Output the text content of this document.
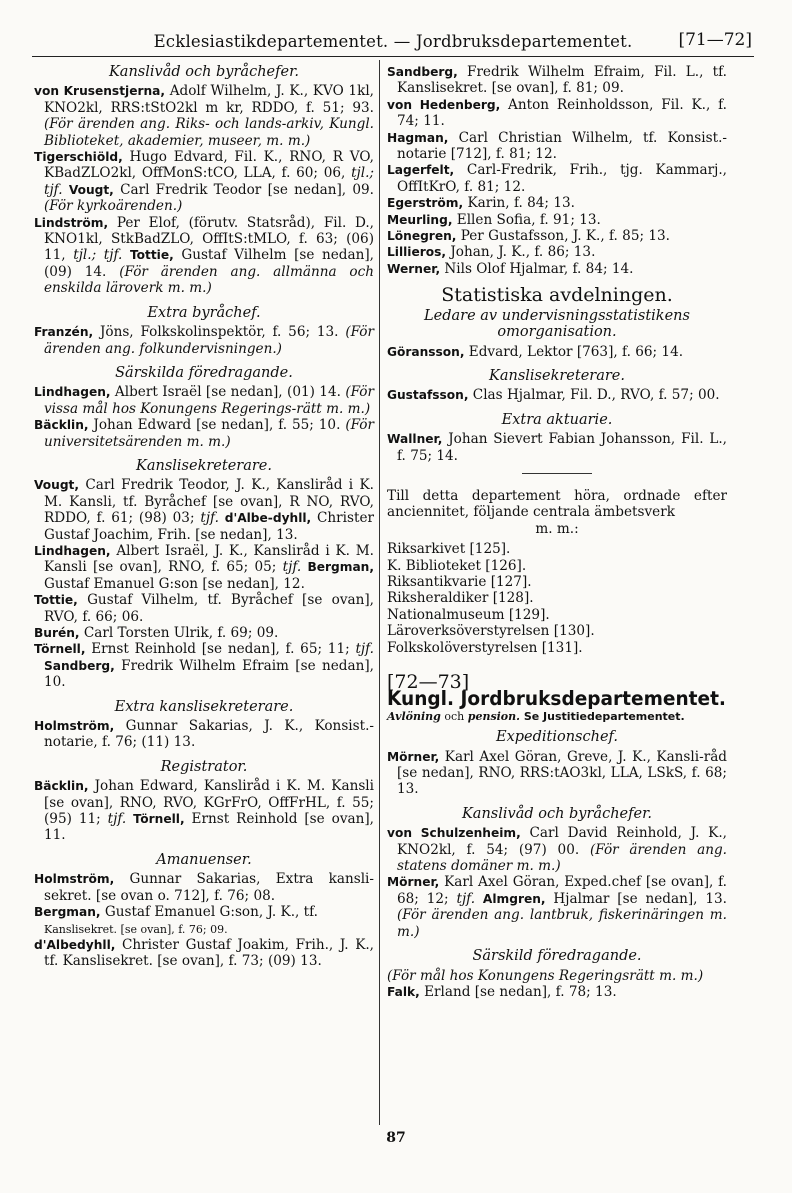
Ecklesiastikdepartementet. — Jordbruksdepartementet.	[71—72]
Kanslivåd och byråchefer.

von Krusenstjerna, Adolf Wilhelm, J. K., KVO 1kl, KNO2kl, RRS:tStO2kl m kr, RDDO, f. 51; 93. (För ärenden ang. Riks- och lands-arkiv, Kungl. Biblioteket, akademier, museer, m. m.)

Tigerschiöld, Hugo Edvard, Fil. K., RNO, R VO, KBadZLO2kl, OffMonS:tCO, LLA, f. 60; 06, tjl.; tjf. Vougt, Carl Fredrik Teodor [se nedan], 09. (För kyrkoärenden.)

Lindström, Per Elof, (förutv. Statsråd), Fil. D., KNO1kl, StkBadZLO, OffItS:tMLO, f. 63; (06) 11, tjl.; tjf. Tottie, Gustaf Vilhelm [se nedan], (09) 14. (För ärenden ang. allmänna och enskilda läroverk m. m.)

Extra byråchef.

Franzén, Jöns, Folkskolinspektör, f. 56; 13. (För ärenden ang. folkundervisningen.)

Särskilda föredragande.

Lindhagen, Albert Israël [se nedan], (01) 14. (För vissa mål hos Konungens Regerings-rätt m. m.)

Bäcklin, Johan Edward [se nedan], f. 55; 10. (För universitetsärenden m. m.)

Kanslisekreterare.

Vougt, Carl Fredrik Teodor, J. K., Kanslіråd i K. M. Kansli, tf. Byråchef [se ovan], R NO, RVO, RDDO, f. 61; (98) 03; tjf. d'Albe-dyhll, Christer Gustaf Joachim, Frih. [se nedan], 13.

Lindhagen, Albert Israël, J. K., Kanslіråd i K. M. Kansli [se ovan], RNO, f. 65; 05; tjf. Bergman, Gustaf Emanuel G:son [se nedan], 12.

Tottie, Gustaf Vilhelm, tf. Byråchef [se ovan], RVO, f. 66; 06.

Burén, Carl Torsten Ulrik, f. 69; 09.

Törnell, Ernst Reinhold [se nedan], f. 65; 11; tjf. Sandberg, Fredrik Wilhelm Efraim [se nedan], 10.

Extra kanslisekreterare.

Holmström, Gunnar Sakarias, J. K., Konsist.-notarie, f. 76; (11) 13.

Registrator.

Bäcklin, Johan Edward, Kanslіråd i K. M. Kansli [se ovan], RNO, RVO, KGrFrO, OffFrHL, f. 55; (95) 11; tjf. Törnell, Ernst Reinhold [se ovan], 11.

Amanuenser.

Holmström, Gunnar Sakarias, Extra kansli-sekret. [se ovan o. 712], f. 76; 08.

Bergman, Gustaf Emanuel G:son, J. K., tf.
Kanslisekret. [se ovan], f. 76; 09.

d'Albedyhll, Christer Gustaf Joakim, Frih., J. K., tf. Kanslisekret. [se ovan], f. 73; (09) 13.

Sandberg, Fredrik Wilhelm Efraim, Fil. L., tf. Kanslisekret. [se ovan], f. 81; 09.

von Hedenberg, Anton Reinholdsson, Fil. K., f. 74; 11.

Hagman, Carl Christian Wilhelm, tf. Konsist.-notarie [712], f. 81; 12.

Lagerfelt, Carl-Fredrik, Frih., tjg. Kammarj., OffItKrO, f. 81; 12.

Egerström, Karin, f. 84; 13.

Meurling, Ellen Sofia, f. 91; 13.

Lönegren, Per Gustafsson, J. K., f. 85; 13.

Lillieros, Johan, J. K., f. 86; 13.

Werner, Nils Olof Hjalmar, f. 84; 14.

Statistiska avdelningen.
Ledare av undervisningsstatistikens omorganisation.

Göransson, Edvard, Lektor [763], f. 66; 14.

Kanslisekreterare.

Gustafsson, Clas Hjalmar, Fil. D., RVO, f. 57; 00.

Extra aktuarie.

Wallner, Johan Sievert Fabian Johansson, Fil. L., f. 75; 14.

Till detta departement höra, ordnade efter anciennitet, följande centrala ämbetsverk

m. m.:

Riksarkivet [125].

K. Biblioteket [126].

Riksantikvarie [127].

Riksheraldiker [128].

Nationalmuseum [129].

Läroverksöverstyrelsen [130].

Folkskolöverstyrelsen [131].

[72—73]
Kungl. Jordbruksdepartementet.
Avlöning och pension. Se Justitiedepartementet.
Expeditionschef.

Mörner, Karl Axel Göran, Greve, J. K., Kansli-råd [se nedan], RNO, RRS:tAO3kl, LLA, LSkS, f. 68; 13.

Kanslivåd och byråchefer.

von Schulzenheim, Carl David Reinhold, J. K., KNO2kl, f. 54; (97) 00. (För ärenden ang. statens domäner m. m.)

Mörner, Karl Axel Göran, Exped.chef [se ovan], f. 68; 12; tjf. Almgren, Hjalmar [se nedan], 13. (För ärenden ang. lantbruk, fiskerinäringen m. m.)

Särskild föredragande.

(För mål hos Konungens Regeringsrätt m. m.)

Falk, Erland [se nedan], f. 78; 13.

87
